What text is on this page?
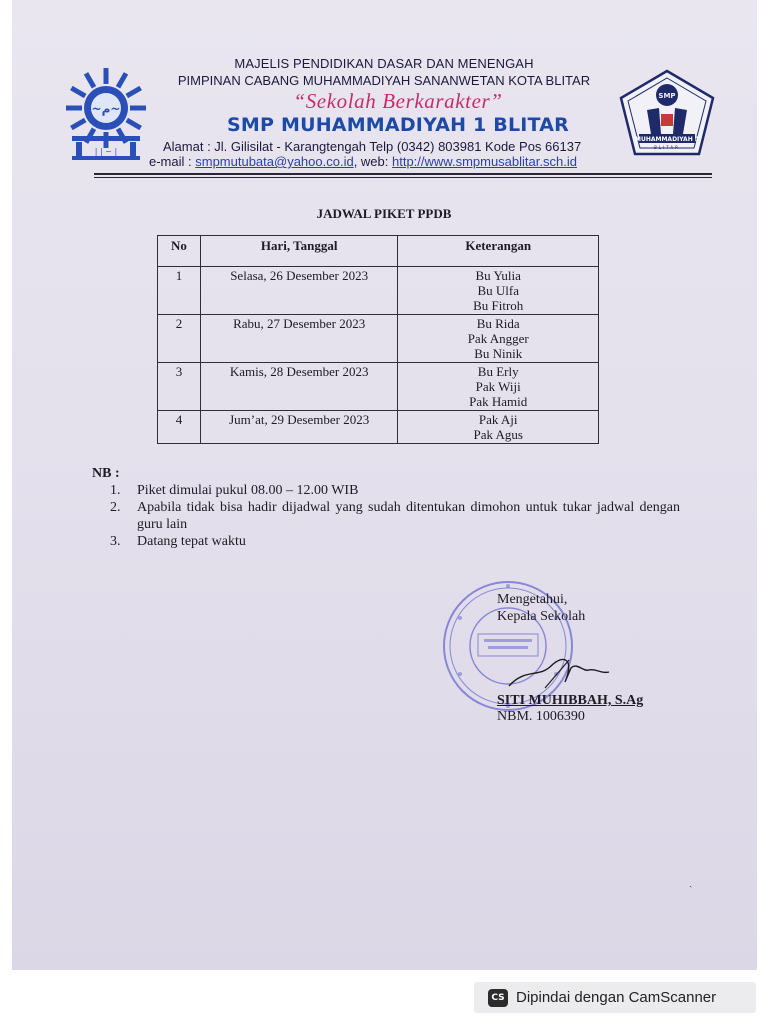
~م~
| | ~ |
SMP
MUHAMMADIYAH 1
BLITAR
MAJELIS PENDIDIKAN DASAR DAN MENENGAH
PIMPINAN CABANG MUHAMMADIYAH SANANWETAN KOTA BLITAR
“Sekolah Berkarakter”
SMP MUHAMMADIYAH 1 BLITAR
Alamat : Jl. Gilisilat - Karangtengah Telp (0342) 803981 Kode Pos 66137
e-mail : smpmutubata@yahoo.co.id, web: http://www.smpmusablitar.sch.id
JADWAL PIKET PPDB
No	Hari, Tanggal	Keterangan
1	Selasa, 26 Desember 2023	Bu Yulia
Bu Ulfa
Bu Fitroh

2	Rabu, 27 Desember 2023	Bu Rida
Pak Angger
Bu Ninik

3	Kamis, 28 Desember 2023	Bu Erly
Pak Wiji
Pak Hamid

4	Jum’at, 29 Desember 2023	Pak Aji
Pak Agus
NB :
1.	Piket dimulai pukul 08.00 – 12.00 WIB
2.	Apabila tidak bisa hadir dijadwal yang sudah ditentukan dimohon untuk tukar jadwal dengan guru lain
3.	Datang tepat waktu
Mengetahui,
Kepala Sekolah
SITI MUHIBBAH, S.Ag
NBM. 1006390
ˎ
CS Dipindai dengan CamScanner
